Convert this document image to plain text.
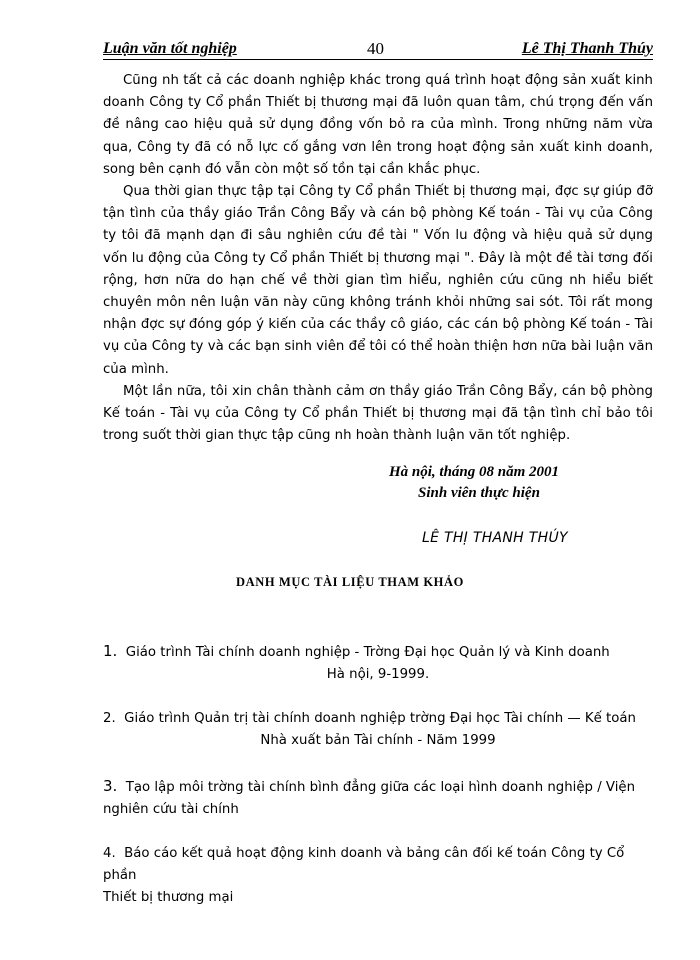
Luận văn tốt nghiệp	40	Lê Thị Thanh Thúy

Cũng nh tất cả các doanh nghiệp khác trong quá trình hoạt động sản xuất kinh doanh Công ty Cổ phần Thiết bị thương mại đã luôn quan tâm, chú trọng đến vấn đề nâng cao hiệu quả sử dụng đồng vốn bỏ ra của mình. Trong những năm vừa qua, Công ty đã có nỗ lực cố gắng vơn lên trong hoạt động sản xuất kinh doanh, song bên cạnh đó vẫn còn một số tồn tại cần khắc phục.

Qua thời gian thực tập tại Công ty Cổ phần Thiết bị thương mại, đợc sự giúp đỡ tận tình của thầy giáo Trần Công Bẩy và cán bộ phòng Kế toán - Tài vụ của Công ty tôi đã mạnh dạn đi sâu nghiên cứu đề tài " Vốn lu động và hiệu quả sử dụng vốn lu động của Công ty Cổ phần Thiết bị thương mại ". Đây là một đề tài tơng đối rộng, hơn nữa do hạn chế về thời gian tìm hiểu, nghiên cứu cũng nh hiểu biết chuyên môn nên luận văn này cũng không tránh khỏi những sai sót. Tôi rất mong nhận đợc sự đóng góp ý kiến của các thầy cô giáo, các cán bộ phòng Kế toán - Tài vụ của Công ty và các bạn sinh viên để tôi có thể hoàn thiện hơn nữa bài luận văn của mình.

Một lần nữa, tôi xin chân thành cảm ơn thầy giáo Trần Công Bẩy, cán bộ phòng Kế toán - Tài vụ của Công ty Cổ phần Thiết bị thương mại đã tận tình chỉ bảo tôi trong suốt thời gian thực tập cũng nh hoàn thành luận văn tốt nghiệp.

Hà nội, tháng 08 năm 2001
Sinh viên thực hiện
LÊ THỊ THANH THÚY
DANH MỤC TÀI LIỆU THAM KHẢO
1. Giáo trình Tài chính doanh nghiệp - Trờng Đại học Quản lý và Kinh doanh
Hà nội, 9-1999.
2. Giáo trình Quản trị tài chính doanh nghiệp trờng Đại học Tài chính — Kế toán
Nhà xuất bản Tài chính - Năm 1999
3. Tạo lập môi trờng tài chính bình đẳng giữa các loại hình doanh nghiệp / Viện
nghiên cứu tài chính
4. Báo cáo kết quả hoạt động kinh doanh và bảng cân đối kế toán Công ty Cổ phần
Thiết bị thương mại
